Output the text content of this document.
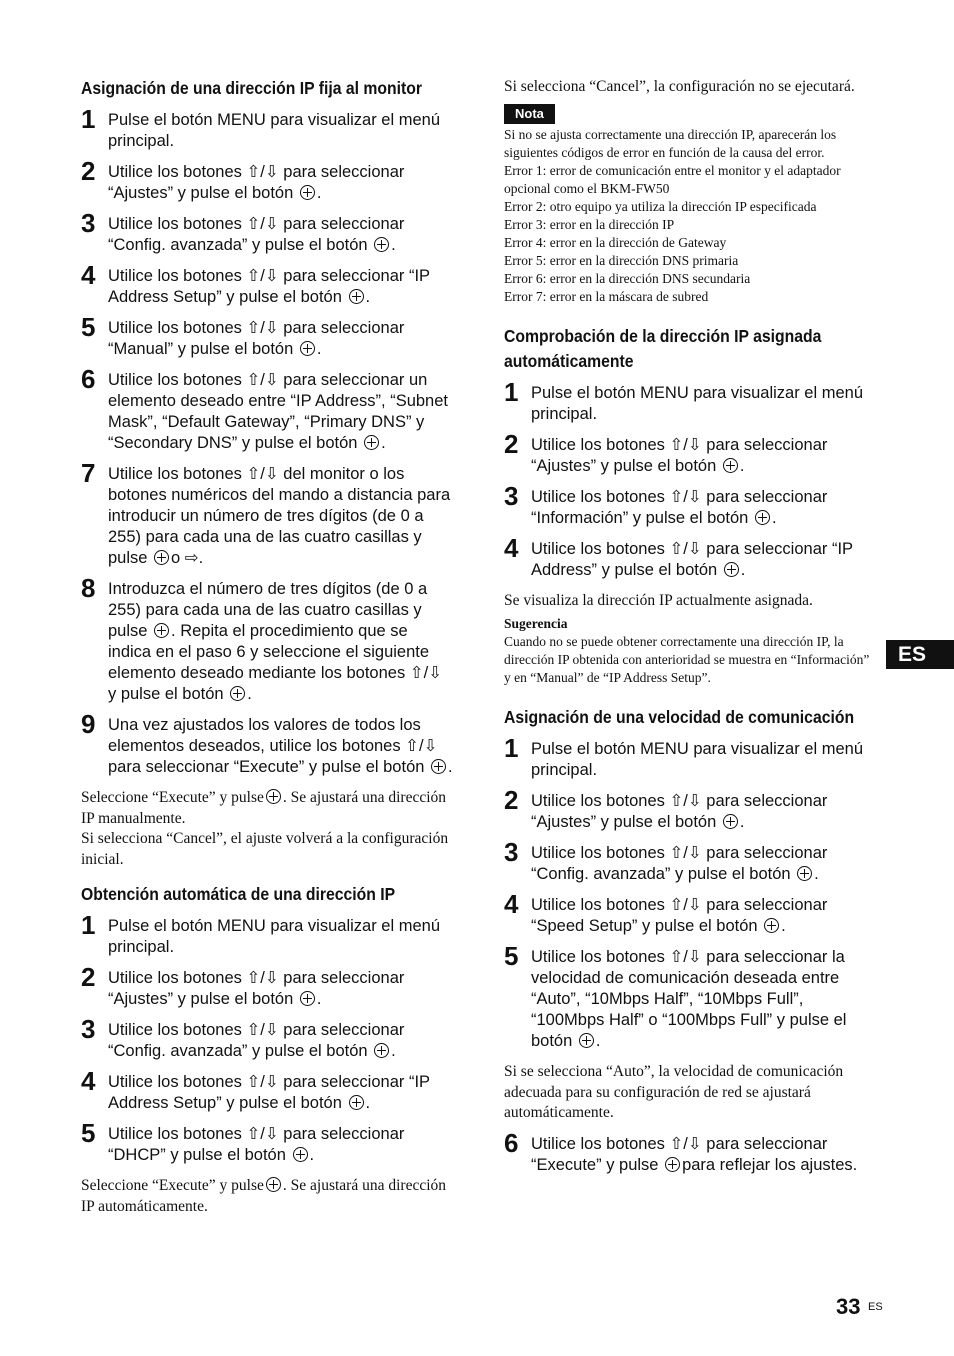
Asignación de una dirección IP fija al monitor
1 Pulse el botón MENU para visualizar el menú principal.
2 Utilice los botones ⇧/⇩ para seleccionar “Ajustes” y pulse el botón .
3 Utilice los botones ⇧/⇩ para seleccionar “Config. avanzada” y pulse el botón .
4 Utilice los botones ⇧/⇩ para seleccionar “IP Address Setup” y pulse el botón .
5 Utilice los botones ⇧/⇩ para seleccionar “Manual” y pulse el botón .
6 Utilice los botones ⇧/⇩ para seleccionar un elemento deseado entre “IP Address”, “Subnet Mask”, “Default Gateway”, “Primary DNS” y “Secondary DNS” y pulse el botón .
7 Utilice los botones ⇧/⇩ del monitor o los botones numéricos del mando a distancia para introducir un número de tres dígitos (de 0 a 255) para cada una de las cuatro casillas y pulse o ⇨.
8 Introduzca el número de tres dígitos (de 0 a 255) para cada una de las cuatro casillas y pulse . Repita el procedimiento que se indica en el paso 6 y seleccione el siguiente elemento deseado mediante los botones ⇧/⇩ y pulse el botón .
9 Una vez ajustados los valores de todos los elementos deseados, utilice los botones ⇧/⇩ para seleccionar “Execute” y pulse el botón .
Seleccione “Execute” y pulse . Se ajustará una dirección IP manualmente.
Si selecciona “Cancel”, el ajuste volverá a la configuración inicial.
Obtención automática de una dirección IP
1 Pulse el botón MENU para visualizar el menú principal.
2 Utilice los botones ⇧/⇩ para seleccionar “Ajustes” y pulse el botón .
3 Utilice los botones ⇧/⇩ para seleccionar “Config. avanzada” y pulse el botón .
4 Utilice los botones ⇧/⇩ para seleccionar “IP Address Setup” y pulse el botón .
5 Utilice los botones ⇧/⇩ para seleccionar “DHCP” y pulse el botón .
Seleccione “Execute” y pulse . Se ajustará una dirección IP automáticamente.
Si selecciona “Cancel”, la configuración no se ejecutará.
Nota
Si no se ajusta correctamente una dirección IP, aparecerán los siguientes códigos de error en función de la causa del error.
Error 1: error de comunicación entre el monitor y el adaptador opcional como el BKM-FW50
Error 2: otro equipo ya utiliza la dirección IP especificada
Error 3: error en la dirección IP
Error 4: error en la dirección de Gateway
Error 5: error en la dirección DNS primaria
Error 6: error en la dirección DNS secundaria
Error 7: error en la máscara de subred
Comprobación de la dirección IP asignada automáticamente
1 Pulse el botón MENU para visualizar el menú principal.
2 Utilice los botones ⇧/⇩ para seleccionar “Ajustes” y pulse el botón .
3 Utilice los botones ⇧/⇩ para seleccionar “Información” y pulse el botón .
4 Utilice los botones ⇧/⇩ para seleccionar “IP Address” y pulse el botón .
Se visualiza la dirección IP actualmente asignada.
Sugerencia
Cuando no se puede obtener correctamente una dirección IP, la dirección IP obtenida con anterioridad se muestra en “Información” y en “Manual” de “IP Address Setup”.
Asignación de una velocidad de comunicación
1 Pulse el botón MENU para visualizar el menú principal.
2 Utilice los botones ⇧/⇩ para seleccionar “Ajustes” y pulse el botón .
3 Utilice los botones ⇧/⇩ para seleccionar “Config. avanzada” y pulse el botón .
4 Utilice los botones ⇧/⇩ para seleccionar “Speed Setup” y pulse el botón .
5 Utilice los botones ⇧/⇩ para seleccionar la velocidad de comunicación deseada entre “Auto”, “10Mbps Half”, “10Mbps Full”, “100Mbps Half” o “100Mbps Full” y pulse el botón .
Si se selecciona “Auto”, la velocidad de comunicación adecuada para su configuración de red se ajustará automáticamente.
6 Utilice los botones ⇧/⇩ para seleccionar “Execute” y pulse para reflejar los ajustes.
ES
33 ES
